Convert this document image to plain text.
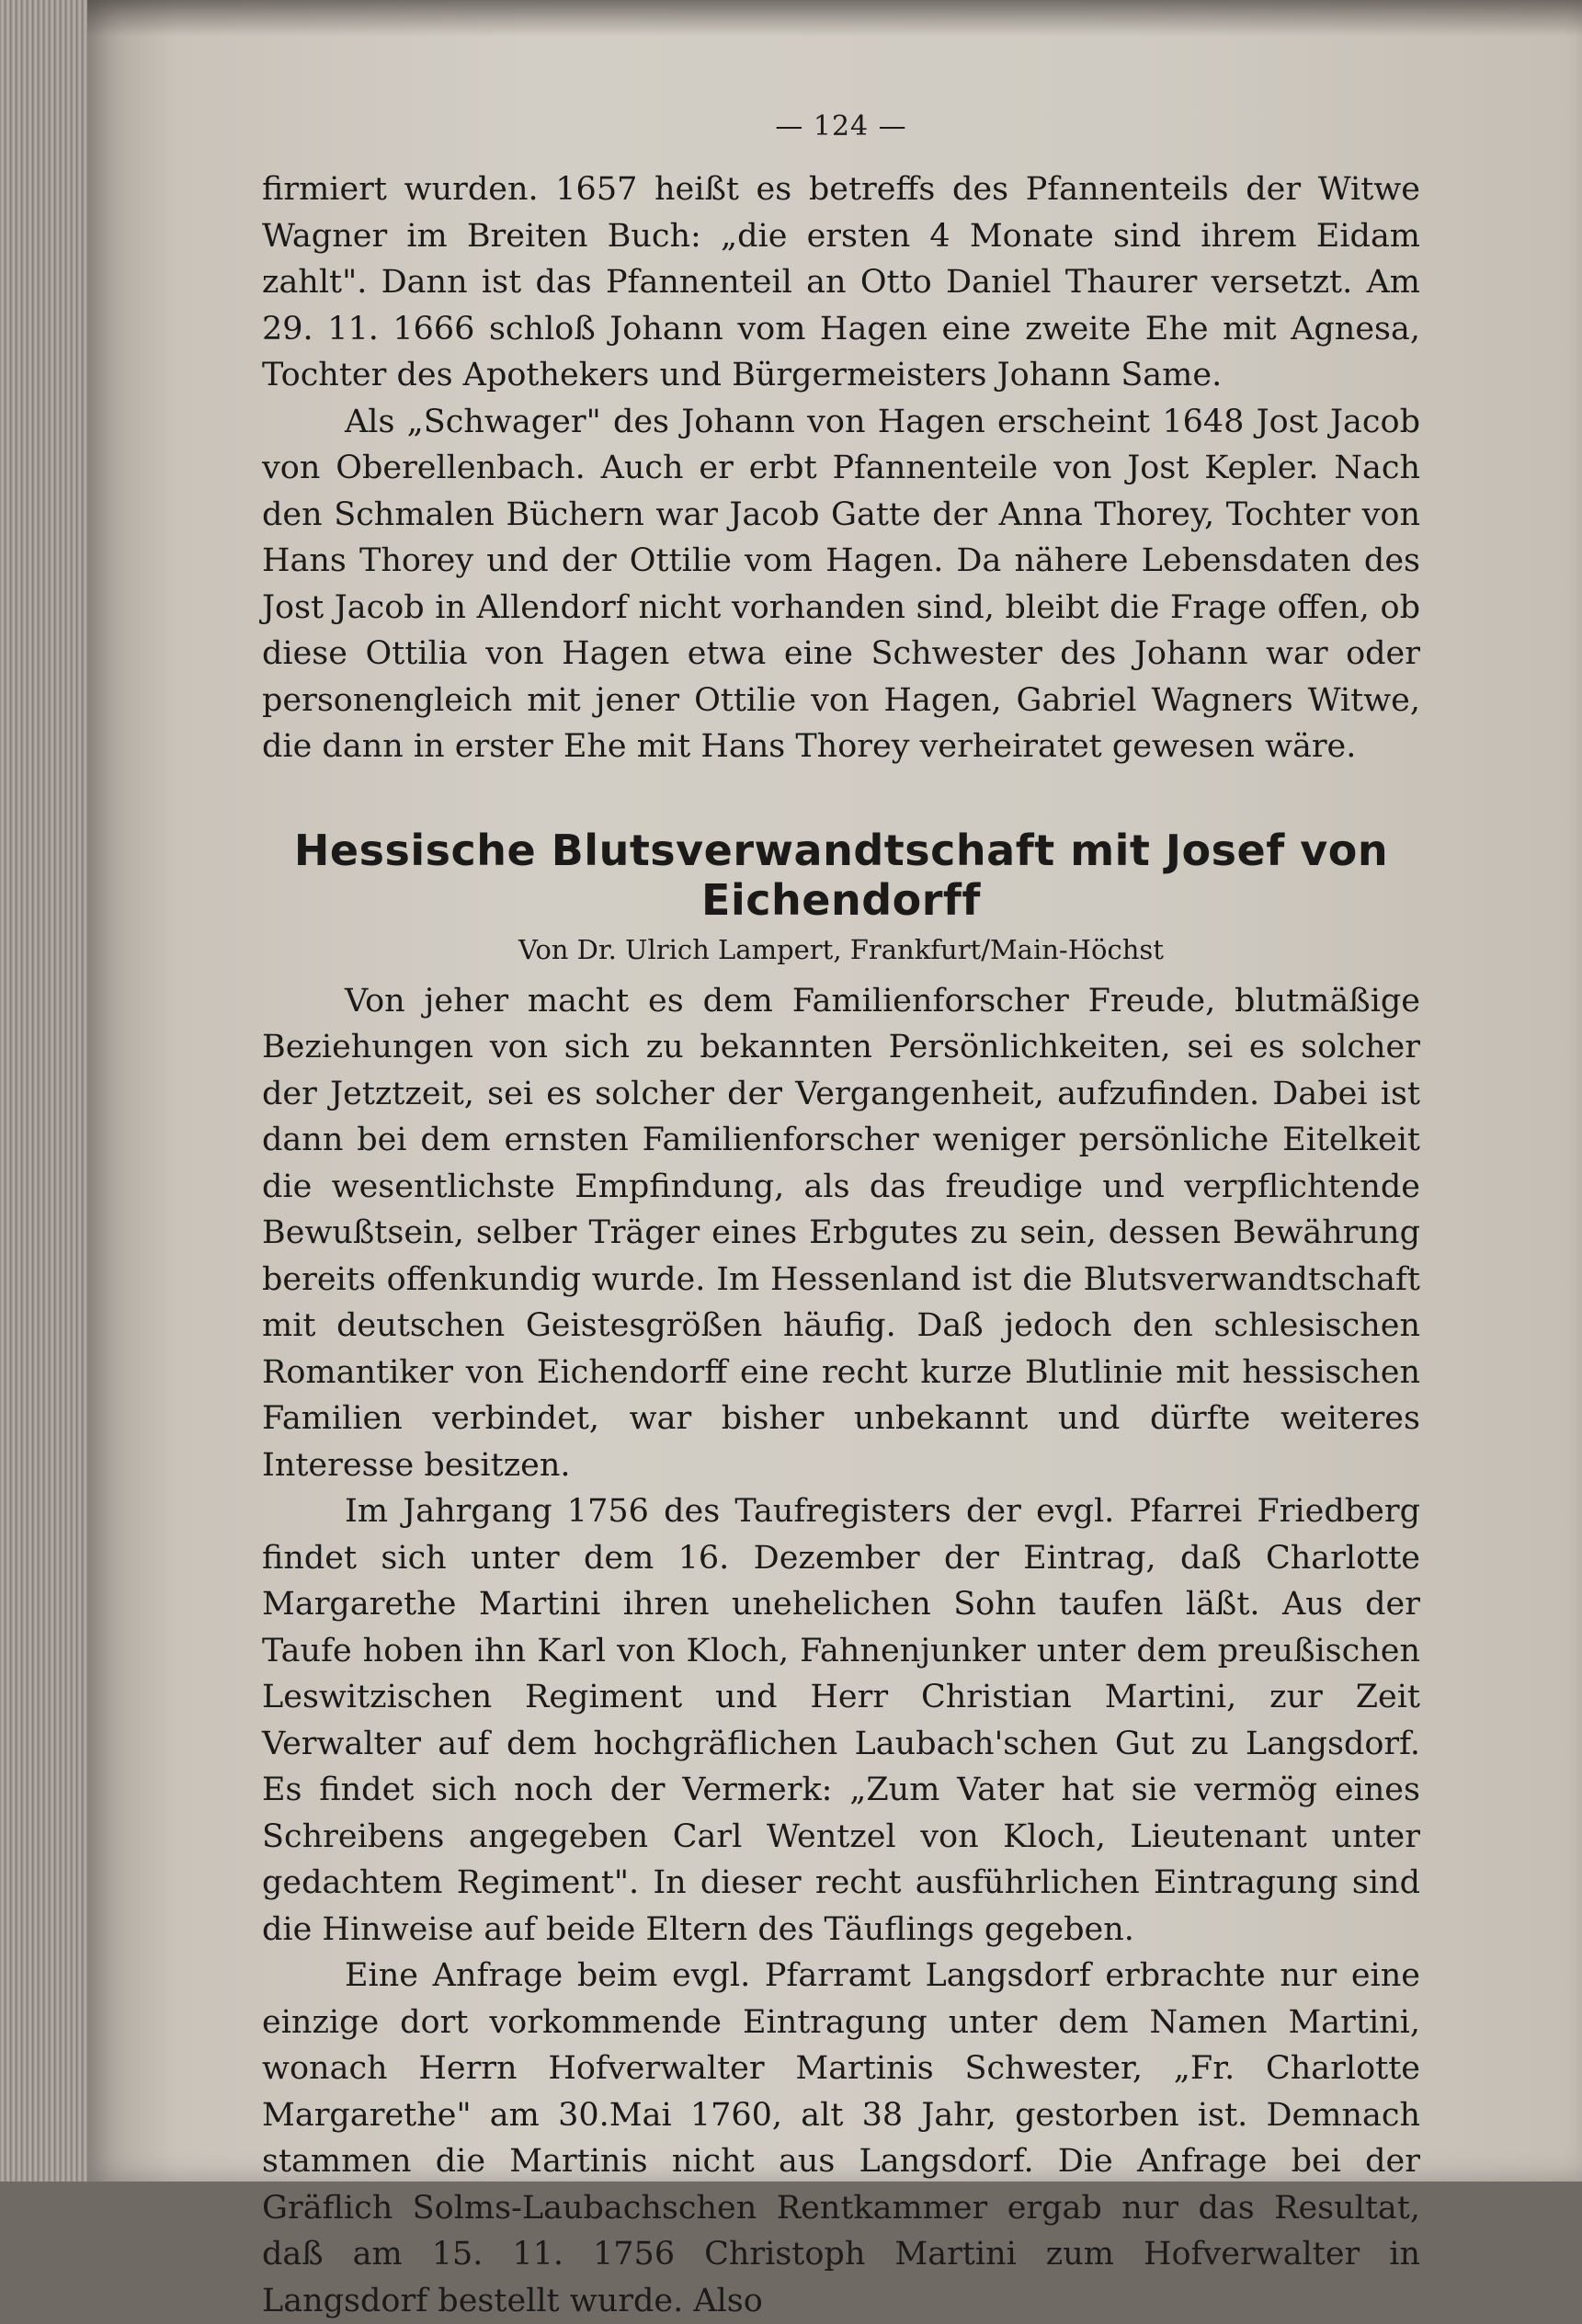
— 124 —

firmiert wurden. 1657 heißt es betreffs des Pfannenteils der Witwe Wagner im Breiten Buch: „die ersten 4 Monate sind ihrem Eidam zahlt". Dann ist das Pfannenteil an Otto Daniel Thaurer versetzt. Am 29. 11. 1666 schloß Johann vom Hagen eine zweite Ehe mit Agnesa, Tochter des Apothekers und Bürgermeisters Johann Same.

Als „Schwager" des Johann von Hagen erscheint 1648 Jost Jacob von Oberellenbach. Auch er erbt Pfannenteile von Jost Kepler. Nach den Schmalen Büchern war Jacob Gatte der Anna Thorey, Tochter von Hans Thorey und der Ottilie vom Hagen. Da nähere Lebensdaten des Jost Jacob in Allendorf nicht vorhanden sind, bleibt die Frage offen, ob diese Ottilia von Hagen etwa eine Schwester des Johann war oder personengleich mit jener Ottilie von Hagen, Gabriel Wagners Witwe, die dann in erster Ehe mit Hans Thorey verheiratet gewesen wäre.

Hessische Blutsverwandtschaft mit Josef von Eichendorff
Von Dr. Ulrich Lampert, Frankfurt/Main-Höchst

Von jeher macht es dem Familienforscher Freude, blutmäßige Beziehungen von sich zu bekannten Persönlichkeiten, sei es solcher der Jetztzeit, sei es solcher der Vergangenheit, aufzufinden. Dabei ist dann bei dem ernsten Familienforscher weniger persönliche Eitelkeit die wesentlichste Empfindung, als das freudige und verpflichtende Bewußtsein, selber Träger eines Erbgutes zu sein, dessen Bewährung bereits offenkundig wurde. Im Hessenland ist die Blutsverwandtschaft mit deutschen Geistesgrößen häufig. Daß jedoch den schlesischen Romantiker von Eichendorff eine recht kurze Blutlinie mit hessischen Familien verbindet, war bisher unbekannt und dürfte weiteres Interesse besitzen.

Im Jahrgang 1756 des Taufregisters der evgl. Pfarrei Friedberg findet sich unter dem 16. Dezember der Eintrag, daß Charlotte Margarethe Martini ihren unehelichen Sohn taufen läßt. Aus der Taufe hoben ihn Karl von Kloch, Fahnenjunker unter dem preußischen Leswitzischen Regiment und Herr Christian Martini, zur Zeit Verwalter auf dem hochgräflichen Laubach'schen Gut zu Langsdorf. Es findet sich noch der Vermerk: „Zum Vater hat sie vermög eines Schreibens angegeben Carl Wentzel von Kloch, Lieutenant unter gedachtem Regiment". In dieser recht ausführlichen Eintragung sind die Hinweise auf beide Eltern des Täuflings gegeben.

Eine Anfrage beim evgl. Pfarramt Langsdorf erbrachte nur eine einzige dort vorkommende Eintragung unter dem Namen Martini, wonach Herrn Hofverwalter Martinis Schwester, „Fr. Charlotte Margarethe" am 30.Mai 1760, alt 38 Jahr, gestorben ist. Demnach stammen die Martinis nicht aus Langsdorf. Die Anfrage bei der Gräflich Solms-Laubachschen Rentkammer ergab nur das Resultat, daß am 15. 11. 1756 Christoph Martini zum Hofverwalter in Langsdorf bestellt wurde. Also
